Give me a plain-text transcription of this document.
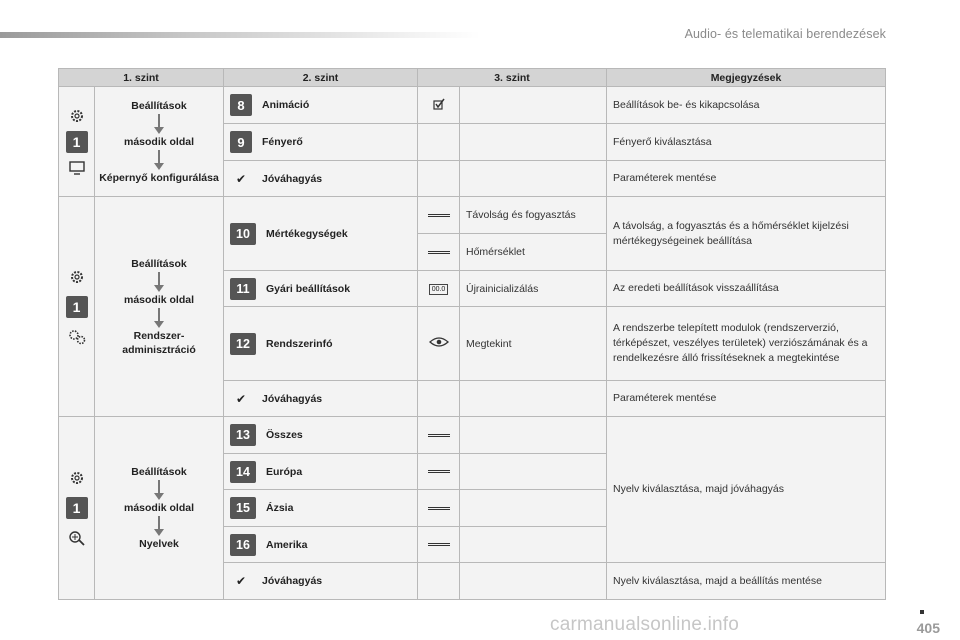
Audio- és telematikai berendezések
1. szint		2. szint	3. szint		Megjegyzések

1	Beállítások
második oldal
Képernyő konfigurálása	8 Animáció			Beállítások be- és kikapcsolása

9 Fényerő			Fényerő kiválasztása

		✔ Jóváhagyás			Paraméterek mentése

1	Beállítások
második oldal
Rendszer- adminisztráció	10 Mértékegységek		Távolság és fogyasztás	A távolság, a fogyasztás és a hőmérséklet kijelzési mértékegységeinek beállítása
				Hőmérséklet	

11 Gyári beállítások	00.0	Újrainicializálás	Az eredeti beállítások visszaállítása

12 Rendszerinfó		Megtekint	A rendszerbe telepített modulok (rendszerverzió, térképészet, veszélyes területek) verziószámának és a rendelkezésre álló frissítéseknek a megtekintése

		✔ Jóváhagyás			Paraméterek mentése

1	Beállítások
második oldal
Nyelvek	13 Összes			Nyelv kiválasztása, majd jóváhagyás

14 Európa			

15 Ázsia			

16 Amerika			

		✔ Jóváhagyás			Nyelv kiválasztása, majd a beállítás mentése
405
carmanualsonline.info
